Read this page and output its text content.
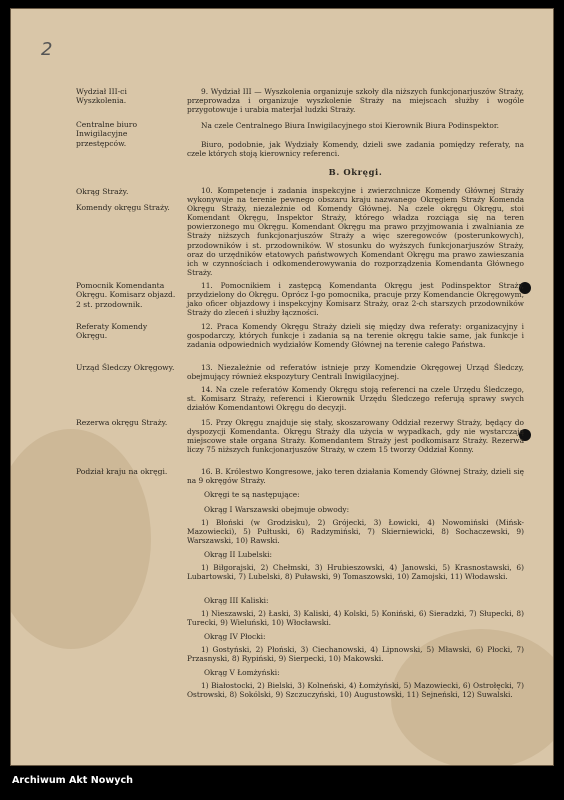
2
Wydział III-ci Wyszkolenia.
Centralne biuro Inwigilacyjne przestępców.
Okrąg Straży.
Komendy okręgu Straży.
Pomocnik Komendanta Okręgu. Komisarz objazd. 2 st. przodownik.
Referaty Komendy Okręgu.
Urząd Śledczy Okręgowy.
Rezerwa okręgu Straży.
Podział kraju na okręgi.
9. Wydział III — Wyszkolenia organizuje szkoły dla niższych funkcjonarjuszów Straży, przeprowadza i organizuje wyszkolenie Straży na miejscach służby i wogóle przygotowuje i urabia materjał ludzki Straży.
Na czele Centralnego Biura Inwigilacyjnego stoi Kierownik Biura Podinspektor.
Biuro, podobnie, jak Wydziały Komendy, dzieli swe zadania pomiędzy referaty, na czele których stoją kierownicy referenci.
B. Okręgi.
10. Kompetencje i zadania inspekcyjne i zwierzchnicze Komendy Głównej Straży wykonywuje na terenie pewnego obszaru kraju nazwanego Okręgiem Straży Komenda Okręgu Straży, niezależnie od Komendy Głównej. Na czele okręgu Okręgu, stoi Komendant Okręgu, Inspektor Straży, którego władza rozciąga się na teren powierzonego mu Okręgu. Komendant Okręgu ma prawo przyjmowania i zwalniania ze Straży niższych funkcjonarjuszów Straży a więc szeregowców (posterunkowych), przodowników i st. przodowników. W stosunku do wyższych funkcjonarjuszów Straży, oraz do urzędników etatowych państwowych Komendant Okręgu ma prawo zawieszania ich w czynnościach i odkomenderowywania do rozporządzenia Komendanta Głównego Straży.
11. Pomocnikiem i zastępcą Komendanta Okręgu jest Podinspektor Straży, przydzielony do Okręgu. Oprócz I-go pomocnika, pracuje przy Komendancie Okręgowym, jako oficer objazdowy i inspekcyjny Komisarz Straży, oraz 2-ch starszych przodowników Straży do zleceń i służby łączności.
12. Praca Komendy Okręgu Straży dzieli się między dwa referaty: organizacyjny i gospodarczy, których funkcje i zadania są na terenie okręgu takie same, jak funkcje i zadania odpowiednich wydziałów Komendy Głównej na terenie całego Państwa.
13. Niezależnie od referatów istnieje przy Komendzie Okręgowej Urząd Śledczy, obejmujący również ekspozytury Centrali Inwigilacyjnej.
14. Na czele referatów Komendy Okręgu stoją referenci na czele Urzędu Śledczego, st. Komisarz Straży, referenci i Kierownik Urzędu Śledczego referują sprawy swych działów Komendantowi Okręgu do decyzji.
15. Przy Okręgu znajduje się stały, skoszarowany Oddział rezerwy Straży, będący do dyspozycji Komendanta. Okręgu Straży dla użycia w wypadkach, gdy nie wystarczają miejscowe stałe organa Straży. Komendantem Straży jest podkomisarz Straży. Rezerwa liczy 75 niższych funkcjonarjuszów Straży, w czem 15 tworzy Oddział Konny.
16. B. Królestwo Kongresowe, jako teren działania Komendy Głównej Straży, dzieli się na 9 okręgów Straży.
Okręgi te są następujące:
Okrąg I Warszawski obejmuje obwody:
1) Błoński (w Grodzisku), 2) Grójecki, 3) Łowicki, 4) Nowomiński (Mińsk-Mazowiecki), 5) Pułtuski, 6) Radzymiński, 7) Skierniewicki, 8) Sochaczewski, 9) Warszawski, 10) Rawski.
Okrąg II Lubelski:
1) Biłgorajski, 2) Chełmski, 3) Hrubieszowski, 4) Janowski, 5) Krasnostawski, 6) Lubartowski, 7) Lubelski, 8) Puławski, 9) Tomaszowski, 10) Zamojski, 11) Włodawski.
Okrąg III Kaliski:
1) Nieszawski, 2) Łaski, 3) Kaliski, 4) Kolski, 5) Koniński, 6) Sieradzki, 7) Słupecki, 8) Turecki, 9) Wieluński, 10) Włocławski.
Okrąg IV Płocki:
1) Gostyński, 2) Płoński, 3) Ciechanowski, 4) Lipnowski, 5) Mławski, 6) Płocki, 7) Przasnyski, 8) Rypiński, 9) Sierpecki, 10) Makowski.
Okrąg V Łomżyński:
1) Białostocki, 2) Bielski, 3) Kolneński, 4) Łomżyński, 5) Mazowiecki, 6) Ostrołęcki, 7) Ostrowski, 8) Sokólski, 9) Szczuczyński, 10) Augustowski, 11) Sejneński, 12) Suwalski.
Archiwum Akt Nowych
